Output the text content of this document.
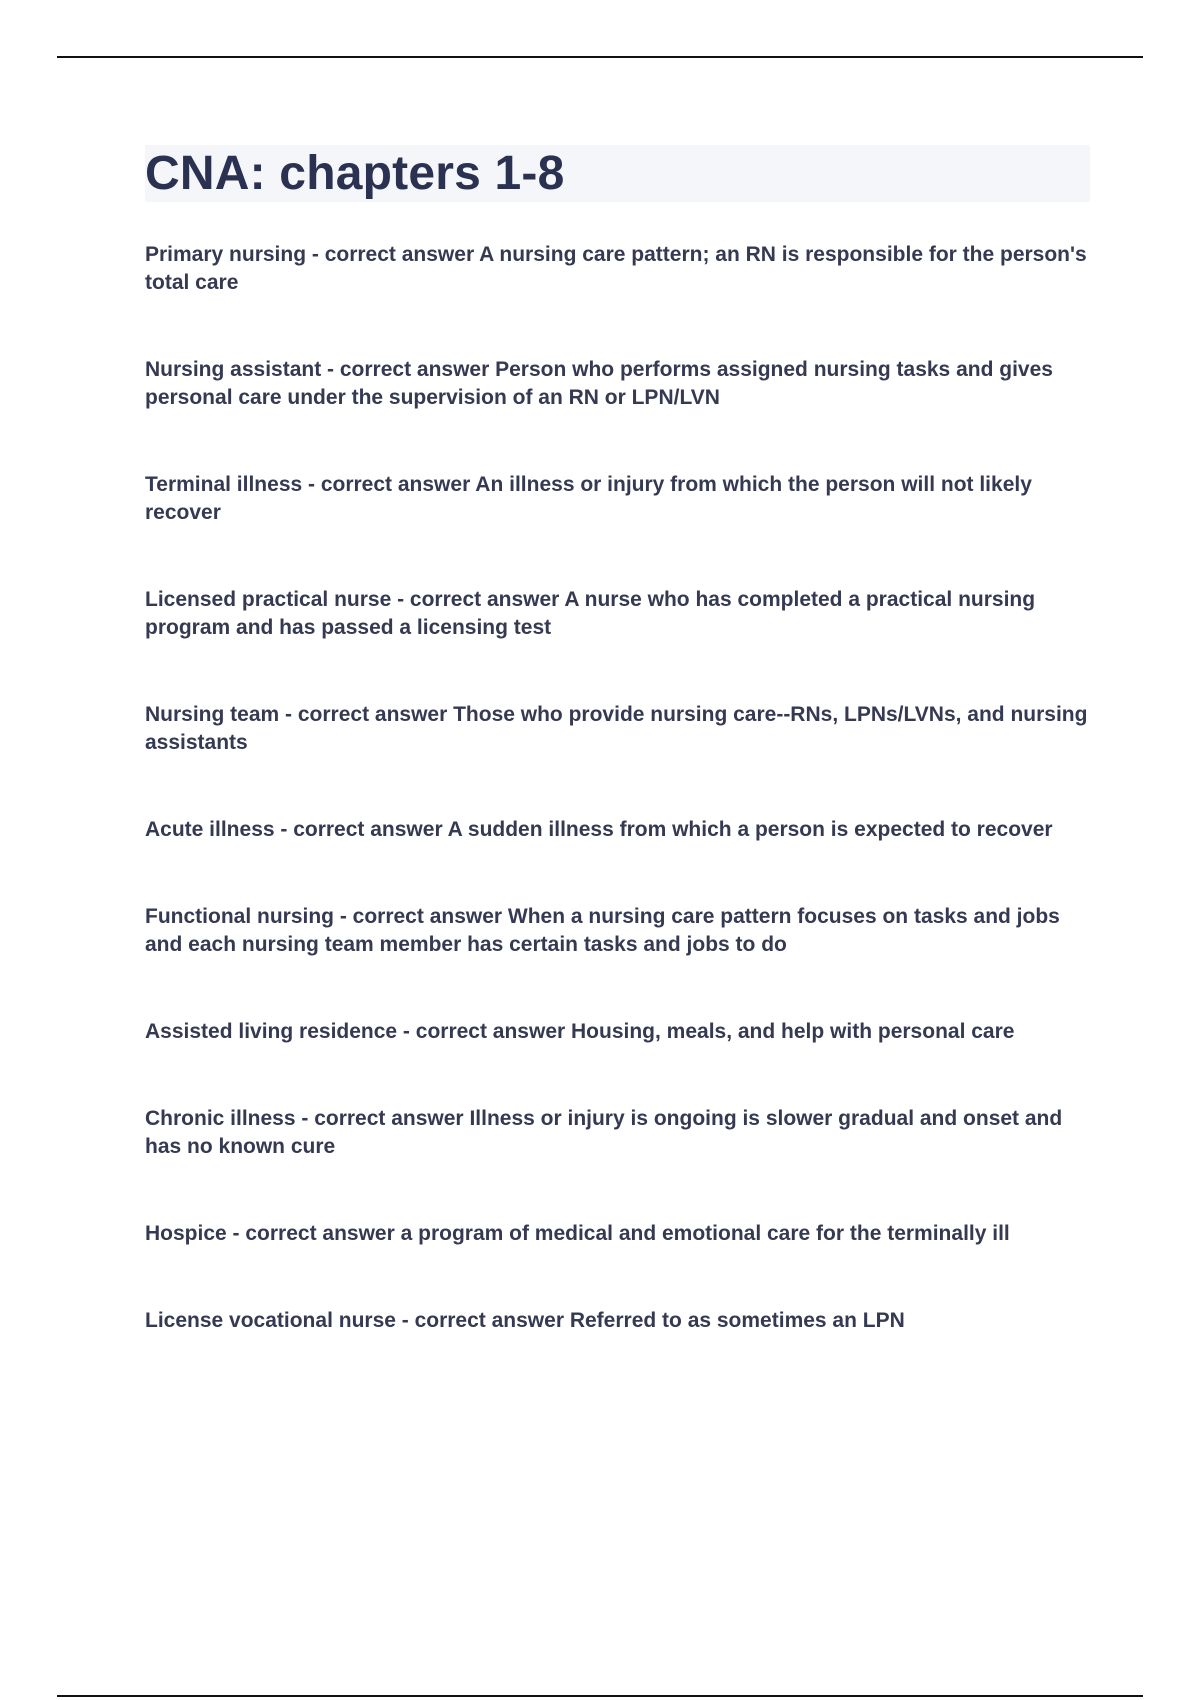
CNA: chapters 1-8
Primary nursing - correct answer A nursing care pattern; an RN is responsible for the person's total care
Nursing assistant - correct answer Person who performs assigned nursing tasks and gives personal care under the supervision of an RN or LPN/LVN
Terminal illness - correct answer An illness or injury from which the person will not likely recover
Licensed practical nurse - correct answer A nurse who has completed a practical nursing program and has passed a licensing test
Nursing team - correct answer Those who provide nursing care--RNs, LPNs/LVNs, and nursing assistants
Acute illness - correct answer A sudden illness from which a person is expected to recover
Functional nursing - correct answer When a nursing care pattern focuses on tasks and jobs and each nursing team member has certain tasks and jobs to do
Assisted living residence - correct answer Housing, meals, and help with personal care
Chronic illness - correct answer Illness or injury is ongoing is slower gradual and onset and has no known cure
Hospice - correct answer a program of medical and emotional care for the terminally ill
License vocational nurse - correct answer Referred to as sometimes an LPN
